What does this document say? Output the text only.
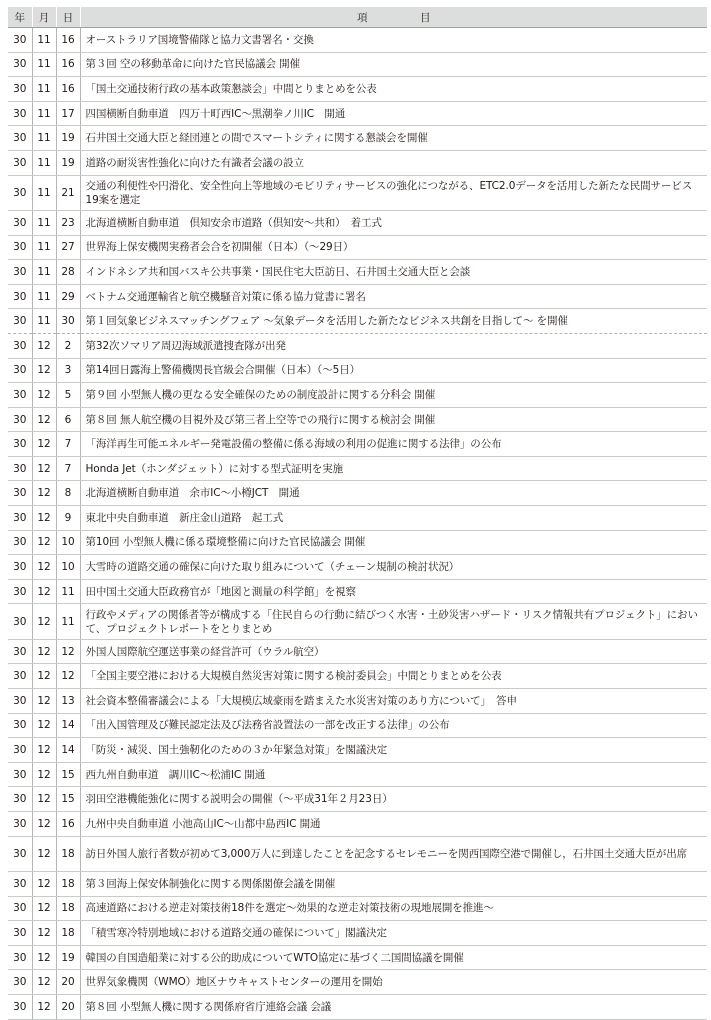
年	月	日	項　　　　　目
30	11	16	オーストラリア国境警備隊と協力文書署名・交換
30	11	16	第３回 空の移動革命に向けた官民協議会 開催
30	11	16	「国土交通技術行政の基本政策懇談会」中間とりまとめを公表
30	11	17	四国横断自動車道　四万十町西IC～黒潮拳ノ川IC　開通
30	11	19	石井国土交通大臣と経団連との間でスマートシティに関する懇談会を開催
30	11	19	道路の耐災害性強化に向けた有識者会議の設立
30	11	21	交通の利便性や円滑化、安全性向上等地域のモビリティサービスの強化につながる、ETC2.0データを活用した新たな民間サービス19案を選定
30	11	23	北海道横断自動車道　倶知安余市道路（倶知安～共和）　着工式
30	11	27	世界海上保安機関実務者会合を初開催（日本）（～29日）
30	11	28	インドネシア共和国バスキ公共事業・国民住宅大臣訪日、石井国土交通大臣と会談
30	11	29	ベトナム交通運輸省と航空機騒音対策に係る協力覚書に署名
30	11	30	第１回気象ビジネスマッチングフェア ～気象データを活用した新たなビジネス共創を目指して～ を開催
30	12	2	第32次ソマリア周辺海域派遣捜査隊が出発
30	12	3	第14回日露海上警備機関長官級会合開催（日本）（～5日）
30	12	5	第９回 小型無人機の更なる安全確保のための制度設計に関する分科会 開催
30	12	6	第８回 無人航空機の目視外及び第三者上空等での飛行に関する検討会 開催
30	12	7	「海洋再生可能エネルギー発電設備の整備に係る海域の利用の促進に関する法律」の公布
30	12	7	Honda Jet（ホンダジェット）に対する型式証明を実施
30	12	8	北海道横断自動車道　余市IC～小樽JCT　開通
30	12	9	東北中央自動車道　新庄金山道路　起工式
30	12	10	第10回 小型無人機に係る環境整備に向けた官民協議会 開催
30	12	10	大雪時の道路交通の確保に向けた取り組みについて（チェーン規制の検討状況）
30	12	11	田中国土交通大臣政務官が「地図と測量の科学館」を視察
30	12	11	行政やメディアの関係者等が構成する「住民自らの行動に結びつく水害・土砂災害ハザード・リスク情報共有プロジェクト」において、プロジェクトレポートをとりまとめ
30	12	12	外国人国際航空運送事業の経営許可（ウラル航空）
30	12	12	「全国主要空港における大規模自然災害対策に関する検討委員会」中間とりまとめを公表
30	12	13	社会資本整備審議会による「大規模広域豪雨を踏まえた水災害対策のあり方について」　答申
30	12	14	「出入国管理及び難民認定法及び法務省設置法の一部を改正する法律」の公布
30	12	14	「防災・減災、国土強靭化のための３か年緊急対策」を閣議決定
30	12	15	西九州自動車道　調川IC～松浦IC 開通
30	12	15	羽田空港機能強化に関する説明会の開催（～平成31年２月23日）
30	12	16	九州中央自動車道 小池高山IC～山都中島西IC 開通
30	12	18	訪日外国人旅行者数が初めて3,000万人に到達したことを記念するセレモニーを関西国際空港で開催し，石井国土交通大臣が出席
30	12	18	第３回海上保安体制強化に関する関係閣僚会議を開催
30	12	18	高速道路における逆走対策技術18件を選定～効果的な逆走対策技術の現地展開を推進～
30	12	18	「積雪寒冷特別地域における道路交通の確保について」閣議決定
30	12	19	韓国の自国造船業に対する公的助成についてWTO協定に基づく二国間協議を開催
30	12	20	世界気象機関（WMO）地区ナウキャストセンターの運用を開始
30	12	20	第８回 小型無人機に関する関係府省庁連絡会議 会議
